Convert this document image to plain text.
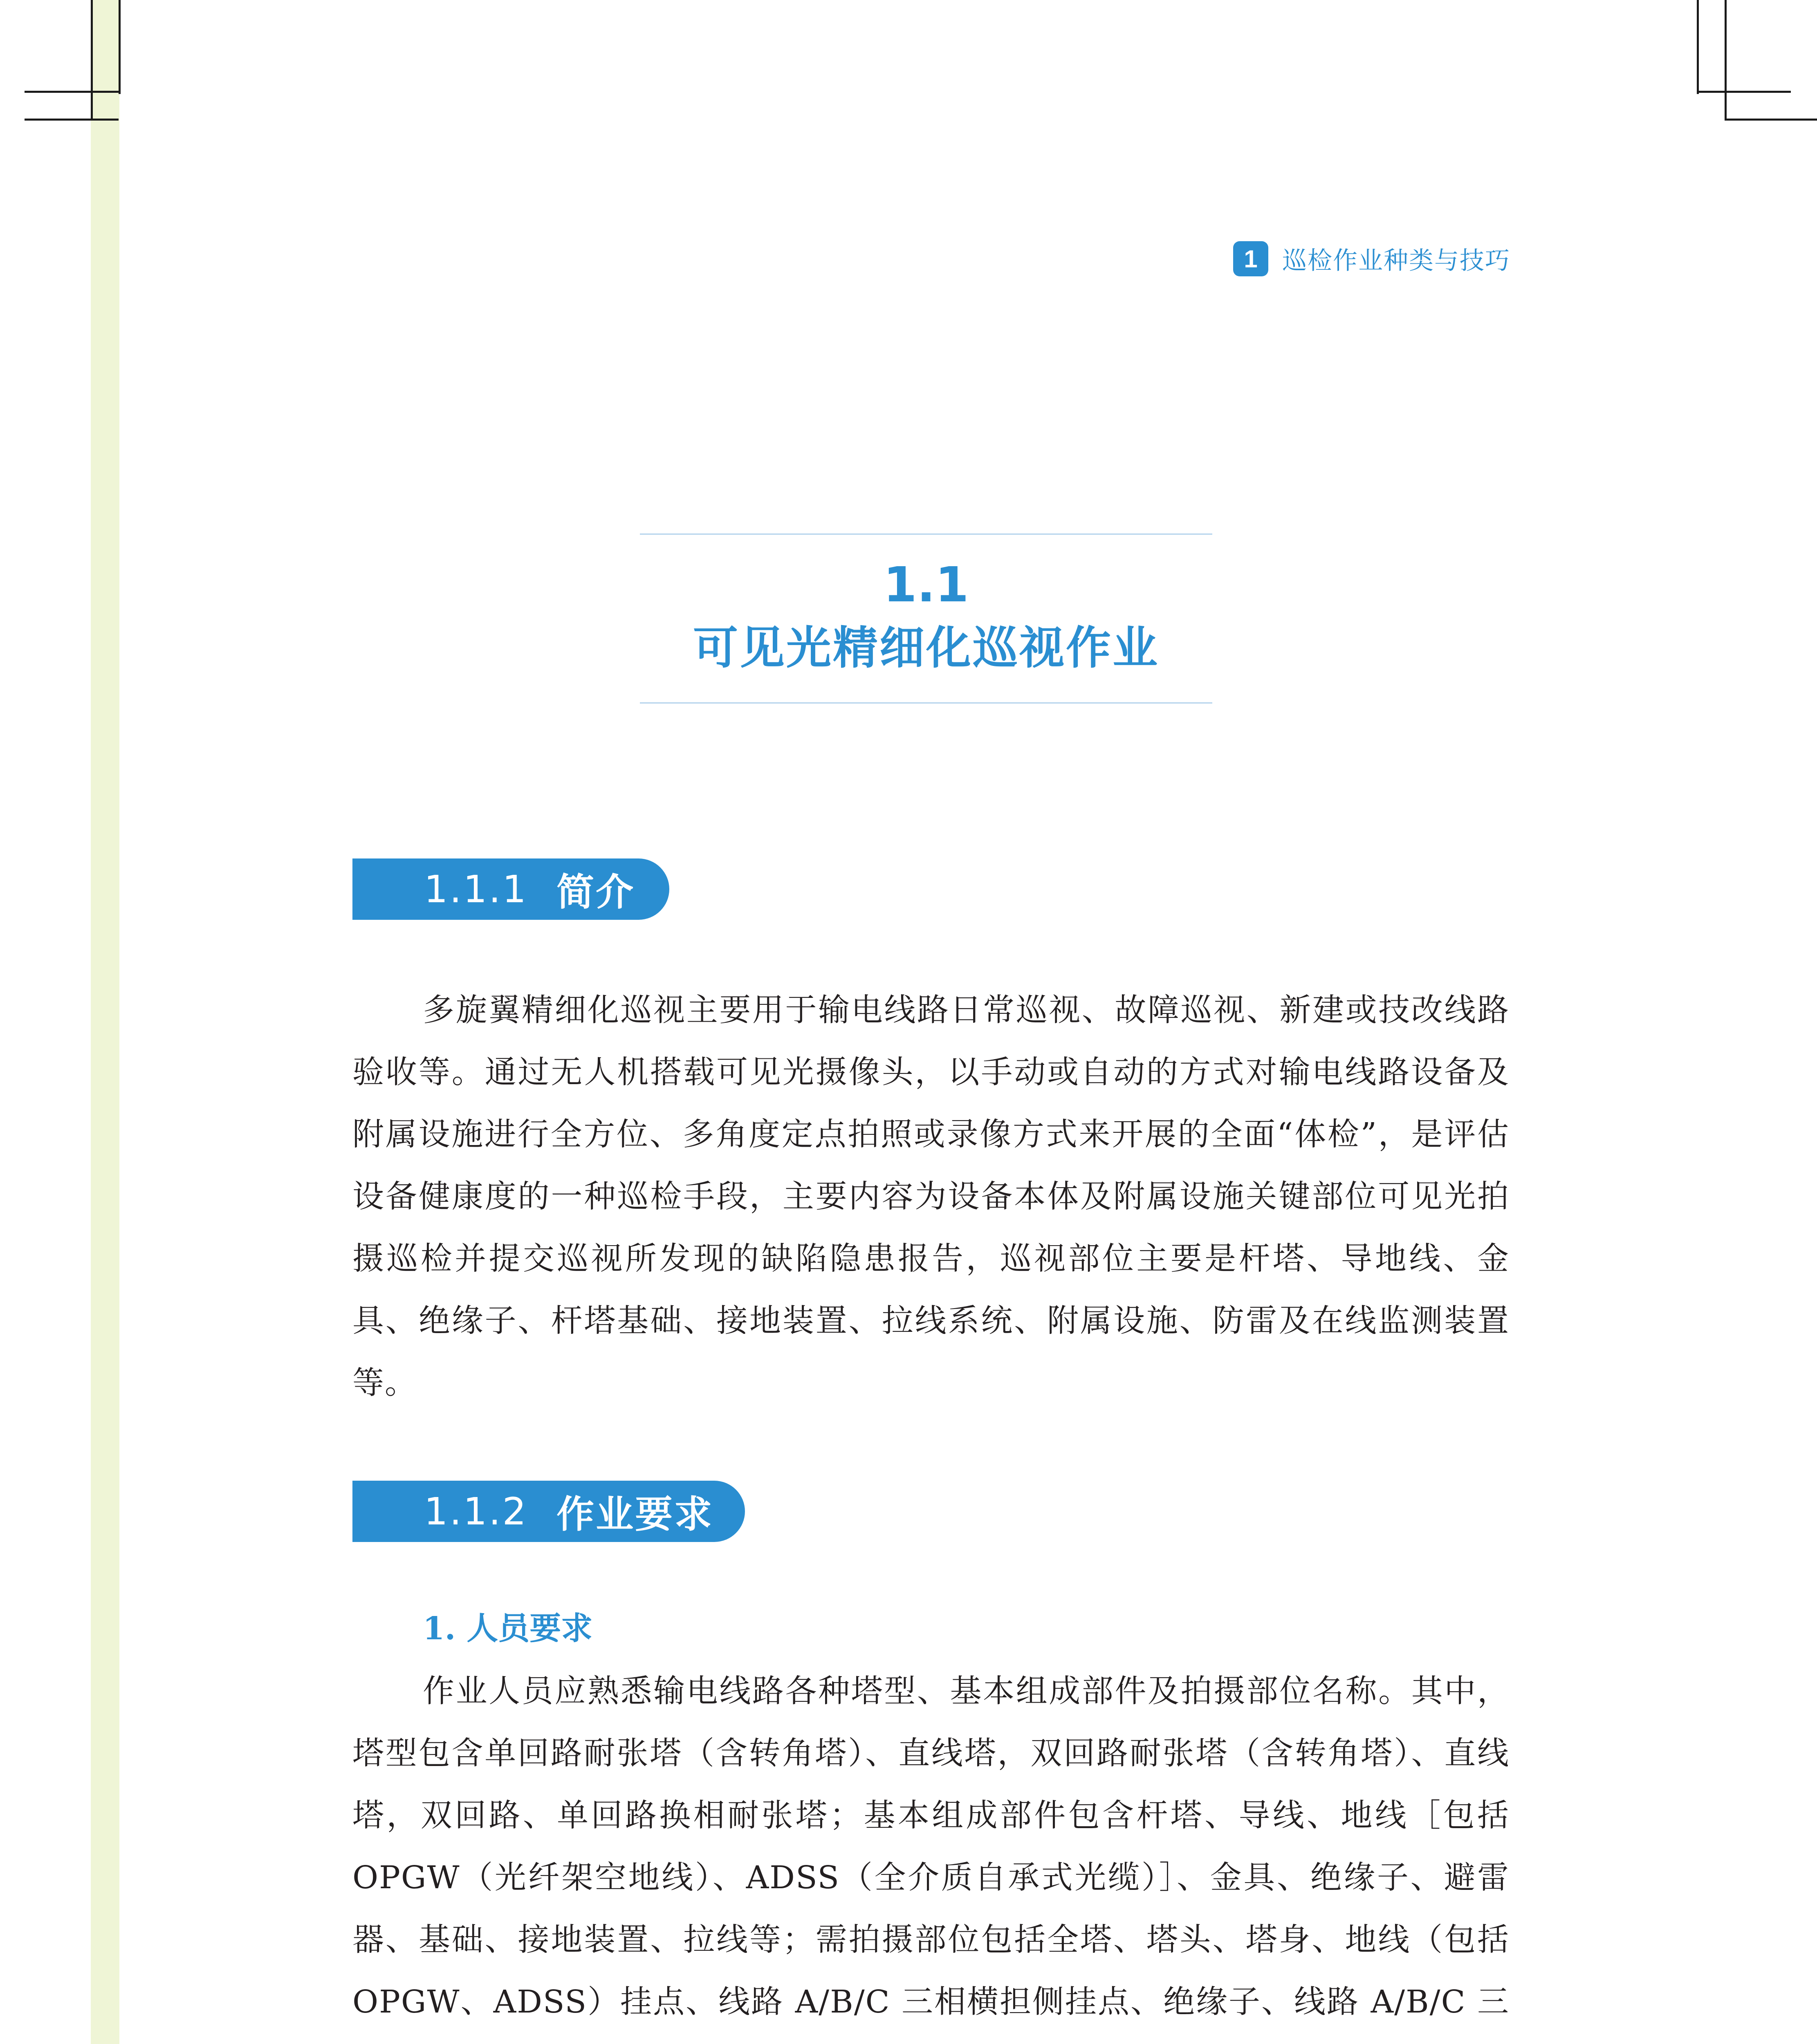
1	巡检作业种类与技巧
1.1
可见光精细化巡视作业
1.1.1 简介
多旋翼精细化巡视主要用于输电线路日常巡视、故障巡视、新建或技改线路验收等。通过无人机搭载可见光摄像头，以手动或自动的方式对输电线路设备及附属设施进行全方位、多角度定点拍照或录像方式来开展的全面“体检”，是评估设备健康度的一种巡检手段，主要内容为设备本体及附属设施关键部位可见光拍摄巡检并提交巡视所发现的缺陷隐患报告，巡视部位主要是杆塔、导地线、金具、绝缘子、杆塔基础、接地装置、拉线系统、附属设施、防雷及在线监测装置等。
1.1.2 作业要求
1. 人员要求
作业人员应熟悉输电线路各种塔型、基本组成部件及拍摄部位名称。其中，塔型包含单回路耐张塔（含转角塔）、直线塔，双回路耐张塔（含转角塔）、直线塔，双回路、单回路换相耐张塔；基本组成部件包含杆塔、导线、地线［包括 OPGW（光纤架空地线）、ADSS（全介质自承式光缆）］、金具、绝缘子、避雷器、基础、接地装置、拉线等；需拍摄部位包括全塔、塔头、塔身、地线（包括 OPGW、ADSS）挂点、线路 A/B/C 三相横担侧挂点、绝缘子、线路 A/B/C 三
